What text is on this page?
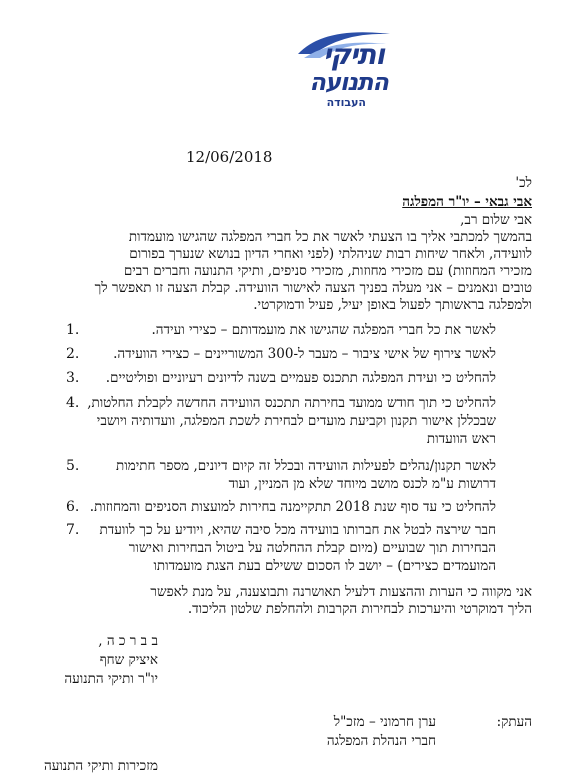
ותיקי
התנועה
העבודה
12/06/2018
לכ'
אבי גבאי – יו"ר המפלגה
אבי שלום רב,
בהמשך למכתבי אליך בו הצעתי לאשר את כל חברי המפלגה שהגישו מועמדות
לוועידה, ולאחר שיחות רבות שניהלתי (לפני ואחרי הדיון בנושא שנערך בפורום
מזכירי המחוזות) עם מזכירי מחוזות, מזכירי סניפים, ותיקי התנועה וחברים רבים
טובים ונאמנים – אני מעלה בפניך הצעה לאישור הוועידה. קבלת הצעה זו תאפשר לך
ולמפלגה בראשותך לפעול באופן יעיל, פעיל ודמוקרטי.
1.	לאשר את כל חברי המפלגה שהגישו את מועמדותם – כצירי ועידה.
2.	לאשר צירוף של אישי ציבור – מעבר ל-300 המשוריינים – כצירי הוועידה.
3. להחליט כי ועידת המפלגה תתכנס פעמיים בשנה לדיונים רעיוניים ופוליטיים.
4. להחליט כי תוך חודש ממועד בחירתה תתכנס הוועידה החדשה לקבלת החלטות,
שבכללן אישור תקנון וקביעת מועדים לבחירת לשכת המפלגה, וועדותיה ויושבי
ראש הוועדות
5.	לאשר תקנון/נהלים לפעילות הוועידה ובכלל זה קיום דיונים, מספר חתימות
דרושות ע"מ לכנס מושב מיוחד שלא מן המניין, ועוד
6. להחליט כי עד סוף שנת 2018 תתקיימנה בחירות למועצות הסניפים והמחוזות.
7. חבר שירצה לבטל את חברותו בוועידה מכל סיבה שהיא, ויודיע על כך לוועדת
הבחירות תוך שבועיים (מיום קבלת ההחלטה על ביטול הבחירות ואישור
המועמדים כצירים) – יושב לו הסכום ששילם בעת הצגת מועמדותו
אני מקווה כי הערות וההצעות דלעיל תאושרנה ותבוצענה, על מנת לאפשר
הליך דמוקרטי והיערכות לבחירות הקרבות ולהחלפת שלטון הליכוד.
ב ב ר כ ה ,
איציק שחף
יו"ר ותיקי התנועה
העתק:
ערן חרמוני – מזכ"ל
חברי הנהלת המפלגה
מזכירות ותיקי התנועה
